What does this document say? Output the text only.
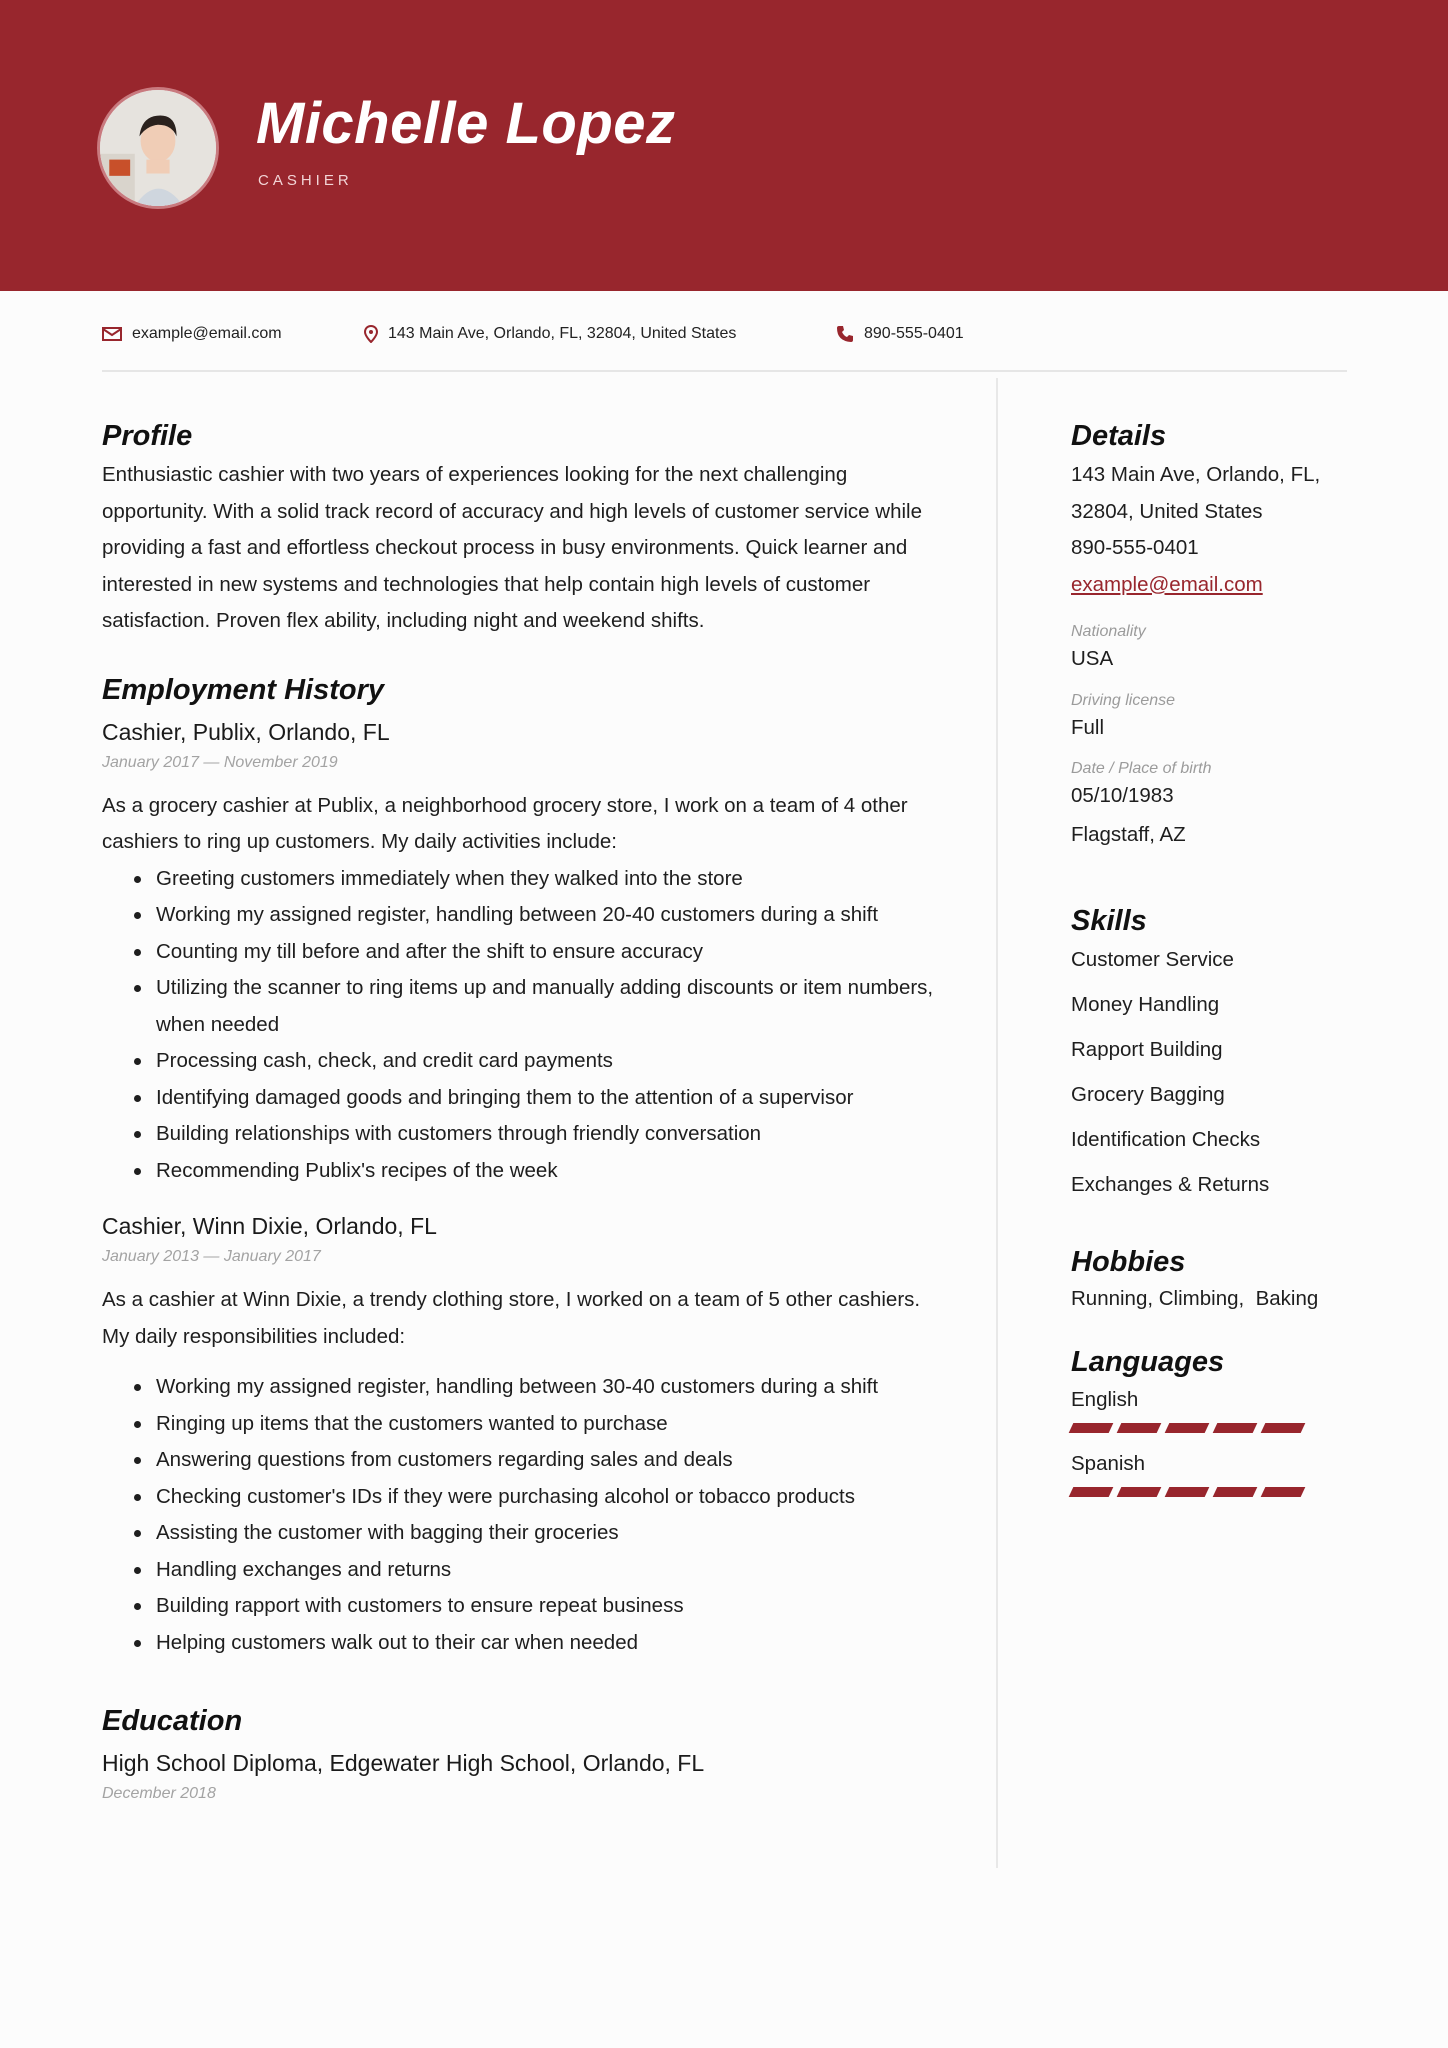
Michelle Lopez
CASHIER
example@email.com	143 Main Ave, Orlando, FL, 32804, United States	890-555-0401
Profile

Enthusiastic cashier with two years of experiences looking for the next challenging opportunity. With a solid track record of accuracy and high levels of customer service while providing a fast and effortless checkout process in busy environments. Quick learner and interested in new systems and technologies that help contain high levels of customer satisfaction. Proven flex ability, including night and weekend shifts.

Employment History
Cashier, Publix, Orlando, FL
January 2017 — November 2019

As a grocery cashier at Publix, a neighborhood grocery store, I work on a team of 4 other cashiers to ring up customers. My daily activities include:

Greeting customers immediately when they walked into the store
Working my assigned register, handling between 20-40 customers during a shift
Counting my till before and after the shift to ensure accuracy
Utilizing the scanner to ring items up and manually adding discounts or item numbers, when needed
Processing cash, check, and credit card payments
Identifying damaged goods and bringing them to the attention of a supervisor
Building relationships with customers through friendly conversation
Recommending Publix's recipes of the week
Cashier, Winn Dixie, Orlando, FL
January 2013 — January 2017

As a cashier at Winn Dixie, a trendy clothing store, I worked on a team of 5 other cashiers. My daily responsibilities included:

Working my assigned register, handling between 30-40 customers during a shift
Ringing up items that the customers wanted to purchase
Answering questions from customers regarding sales and deals
Checking customer's IDs if they were purchasing alcohol or tobacco products
Assisting the customer with bagging their groceries
Handling exchanges and returns
Building rapport with customers to ensure repeat business
Helping customers walk out to their car when needed
Education
High School Diploma, Edgewater High School, Orlando, FL
December 2018
Details
143 Main Ave, Orlando, FL,
32804, United States
890-555-0401
example@email.com
Nationality
USA
Driving license
Full
Date / Place of birth
05/10/1983
Flagstaff, AZ
Skills
Customer Service
Money Handling
Rapport Building
Grocery Bagging
Identification Checks
Exchanges & Returns
Hobbies
Running, Climbing,  Baking
Languages
English
Spanish
